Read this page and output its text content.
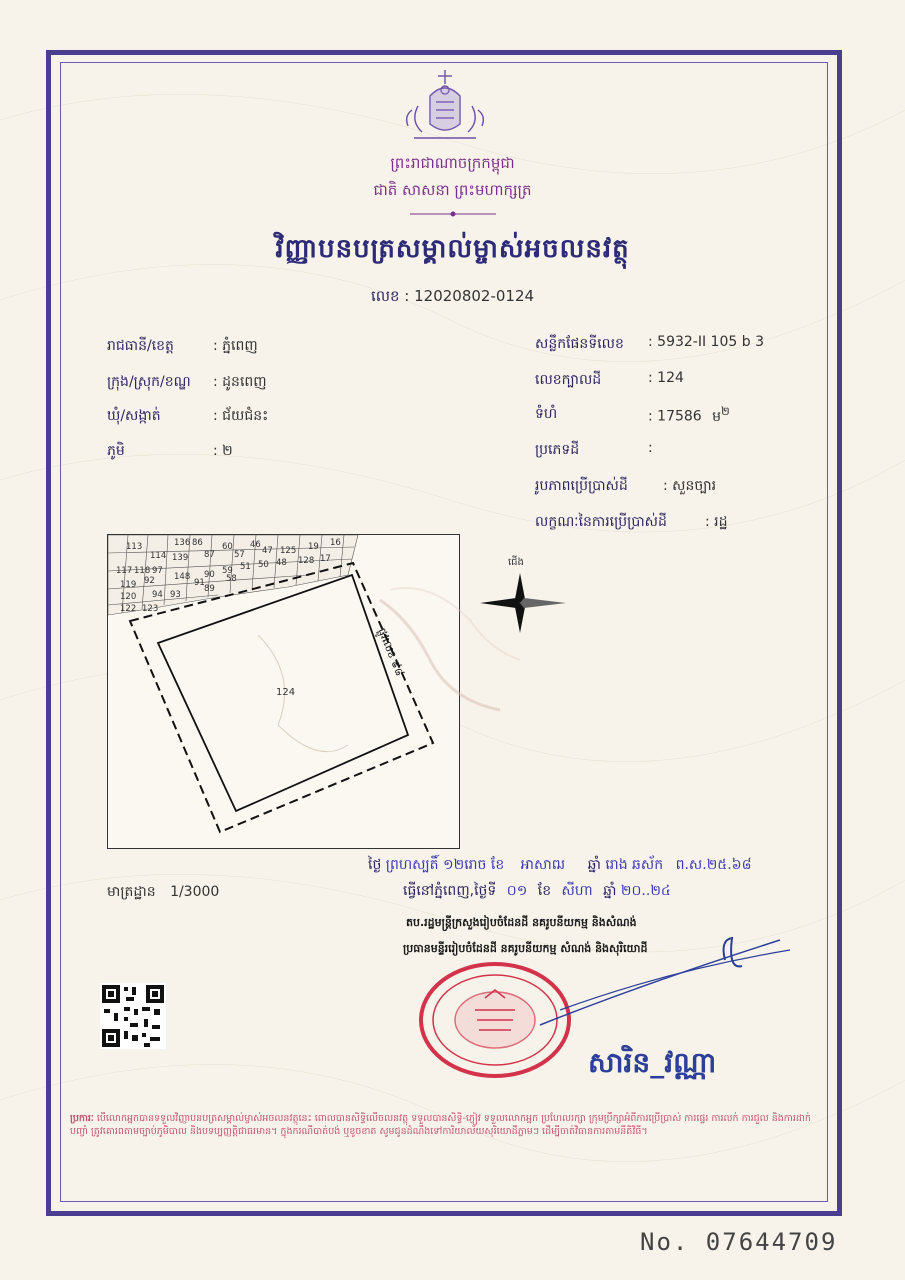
ព្រះរាជាណាចក្រកម្ពុជា
ជាតិ សាសនា ព្រះមហាក្សត្រ
វិញ្ញាបនបត្រសម្គាល់ម្ចាស់អចលនវត្ថុ
លេខ : 12020802-0124
រាជធានី/ខេត្ត	: ភ្នំពេញ
ក្រុង/ស្រុក/ខណ្ឌ : ដូនពេញ
ឃុំ/សង្កាត់	: ជ័យជំនះ
ភូមិ	: ២
សន្លឹកផែនទីលេខ : 5932-II 105 b 3
លេខក្បាលដី	: 124
ទំហំ	: 17586 ម$^២$
ប្រភេទដី	:
រូបភាពប្រើប្រាស់ដី	: សួនច្បារ
លក្ខណៈនៃការប្រើប្រាស់ដី	: រដ្ឋ
113
114 139
136 86
87
60 46
57 47 125 19 16
117 118 97	90
91
59 51 50 48 128 17
119 92 148	58
120 94 93
89
122 123
124
ផ្លូវលេខ ៩៨
ជើង
មាត្រដ្ឋាន 1/3000
ថ្ងៃ ព្រហស្បតិ៍ ១២រោច ខែ អាសាឍ ឆ្នាំ រោង ឆស័ក ព.ស.២៥.៦៨
ធ្វើនៅភ្នំពេញ,ថ្ងៃទី ០១ ខែ សីហា ឆ្នាំ ២០..២៤
តប.រដ្ឋមន្ត្រីក្រសួងរៀបចំដែនដី នគរូបនីយកម្ម និងសំណង់
ប្រធានមន្ទីររៀបចំដែនដី នគរូបនីយកម្ម សំណង់ និងសុរិយោដី
សារិន_វណ្ណា
ប្រការៈ បើលោកអ្នកបានទទួលវិញ្ញាបនបត្រសម្គាល់ម្ចាស់អចលនវត្ថុនេះ ពោលបានសិទ្ធិលើចលនវត្ថុ ទទួលបានសិទ្ធិ-ភ្ញៀវ ទទួលលោកអ្នក ប្រហែលរក្សា ក្រុមប្រឹក្សាអំពីការប្រើប្រាស់ ការផ្ទេរ ការលក់ ការជួល និងការដាក់បញ្ចាំ ត្រូវគោរពតាមច្បាប់ភូមិបាល និងបទប្បញ្ញត្តិជាធរមាន។ ក្នុងករណីបាត់បង់ ឬខូចខាត សូមជូនដំណឹងទៅការិយាល័យសុរិយោដីភ្លាមៗ ដើម្បីចាត់វិធានការតាមនីតិវិធី។
No. 07644709
